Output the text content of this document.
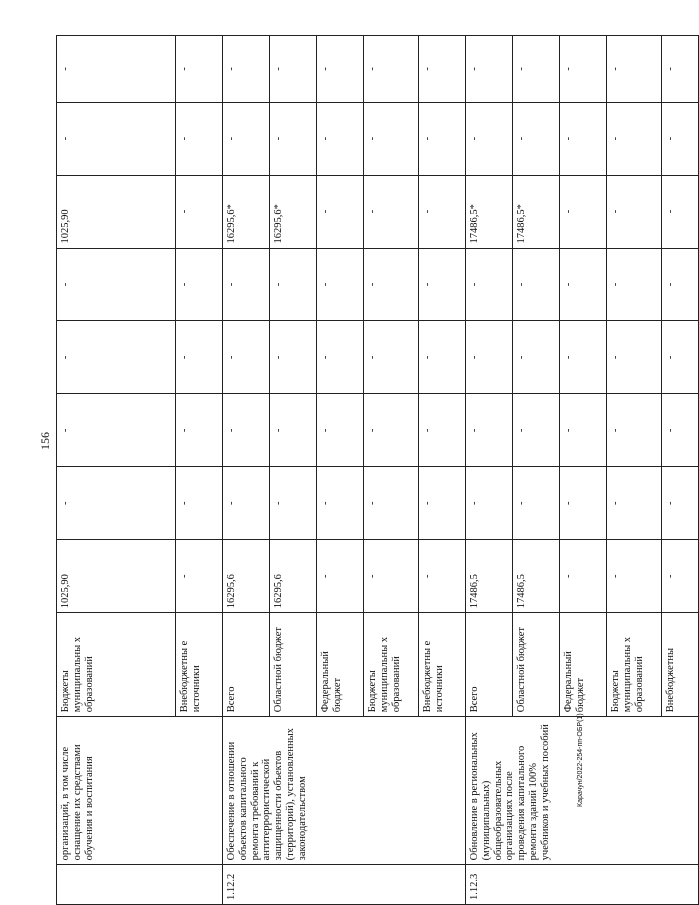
156
	организаций, в том числе оснащение их средствами обучения и воспитания	Бюджеты муниципальны х образований	1025,90	-	-	-	-	1025,90	-	-
		Внебюджетны е источники	-	-	-	-	-	-	-	-
1.12.2	Обеспечение в отношении объектов капитального ремонта требований к антитеррористической защищенности объектов (территорий), установленных законодательством	Всего	16295,6	-	-	-	-	16295,6*	-	-
		Областной бюджет	16295,6	-	-	-	-	16295,6*	-	-
		Федеральный бюджет	-	-	-	-	-	-	-	-
		Бюджеты муниципальны х образований	-	-	-	-	-	-	-	-
		Внебюджетны е источники	-	-	-	-	-	-	-	-
1.12.3	Обновление в региональных (муниципальных) общеобразовательных организациях после проведения капитального ремонта зданий 100% учебников и учебных пособий	Всего	17486,5	-	-	-	-	17486,5*	-	-
		Областной бюджет	17486,5	-	-	-	-	17486,5*	-	-
		Федеральный бюджет	-	-	-	-	-	-	-	-
		Бюджеты муниципальны х образований	-	-	-	-	-	-	-	-
		Внебюджетны	-	-	-	-	-	-	-	-
Карачун/2022-254-пп-ОБР(1)
